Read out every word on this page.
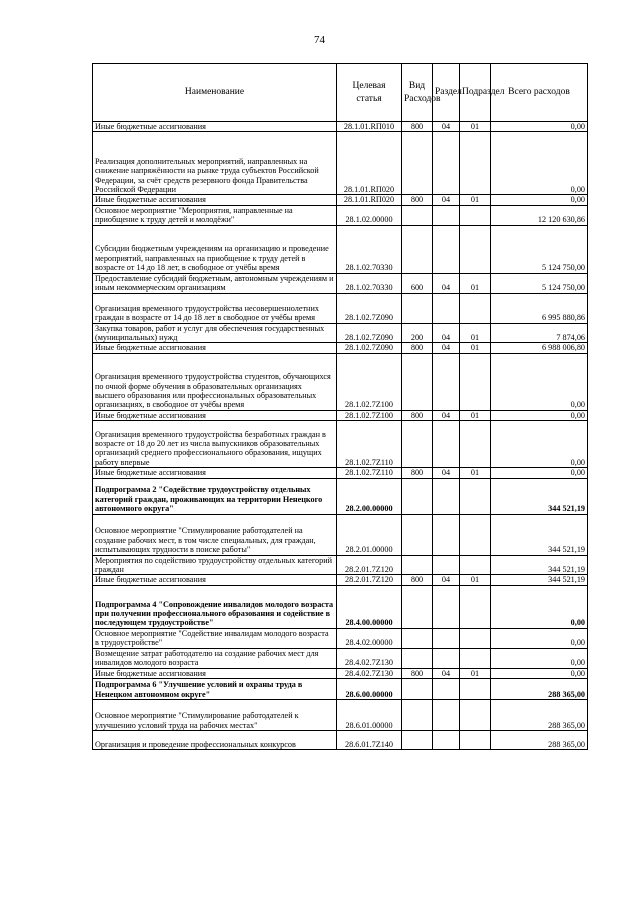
74
Наименование	Целевая статья	Вид Расходов	Раздел	Подраздел	Всего расходов
Иные бюджетные ассигнования	28.1.01.RП010	800	04	01	0,00
Реализация дополнительных мероприятий, направленных на снижение напряжённости на рынке труда субъектов Российской Федерации, за счёт средств резервного фонда Правительства Российской Федерации	28.1.01.RП020				0,00
Иные бюджетные ассигнования	28.1.01.RП020	800	04	01	0,00
Основное мероприятие "Мероприятия, направленные на приобщение к труду детей и молодёжи"	28.1.02.00000				12 120 630,86
Субсидии бюджетным учреждениям на организацию и проведение мероприятий, направленных на приобщение к труду детей в возрасте от 14 до 18 лет, в свободное от учёбы время	28.1.02.70330				5 124 750,00
Предоставление субсидий бюджетным, автономным учреждениям и иным некоммерческим организациям	28.1.02.70330	600	04	01	5 124 750,00
Организация временного трудоустройства несовершеннолетних граждан в возрасте от 14 до 18 лет в свободное от учёбы время	28.1.02.7Z090				6 995 880,86
Закупка товаров, работ и услуг для обеспечения государственных (муниципальных) нужд	28.1.02.7Z090	200	04	01	7 874,06
Иные бюджетные ассигнования	28.1.02.7Z090	800	04	01	6 988 006,80
Организация временного трудоустройства студентов, обучающихся по очной форме обучения в образовательных организациях высшего образования или профессиональных образовательных организациях, в свободное от учёбы время	28.1.02.7Z100				0,00
Иные бюджетные ассигнования	28.1.02.7Z100	800	04	01	0,00
Организация временного трудоустройства безработных граждан в возрасте от 18 до 20 лет из числа выпускников образовательных организаций среднего профессионального образования, ищущих работу впервые	28.1.02.7Z110				0,00
Иные бюджетные ассигнования	28.1.02.7Z110	800	04	01	0,00
Подпрограмма 2 "Содействие трудоустройству отдельных категорий граждан, проживающих на территории Ненецкого автономного округа"	28.2.00.00000				344 521,19
Основное мероприятие "Стимулирование работодателей на создание рабочих мест, в том числе специальных, для граждан, испытывающих трудности в поиске работы"	28.2.01.00000				344 521,19
Мероприятия по содействию трудоустройству отдельных категорий граждан	28.2.01.7Z120				344 521,19
Иные бюджетные ассигнования	28.2.01.7Z120	800	04	01	344 521,19
Подпрограмма 4 "Сопровождение инвалидов молодого возраста при получении профессионального образования и содействие в последующем трудоустройстве"	28.4.00.00000				0,00
Основное мероприятие "Содействие инвалидам молодого возраста в трудоустройстве"	28.4.02.00000				0,00
Возмещение затрат работодателю на создание рабочих мест для инвалидов молодого возраста	28.4.02.7Z130				0,00
Иные бюджетные ассигнования	28.4.02.7Z130	800	04	01	0,00
Подпрограмма 6 "Улучшение условий и охраны труда в Ненецком автономном округе"	28.6.00.00000				288 365,00
Основное мероприятие "Стимулирование работодателей к улучшению условий труда на рабочих местах"	28.6.01.00000				288 365,00
Организация и проведение профессиональных конкурсов	28.6.01.7Z140				288 365,00
